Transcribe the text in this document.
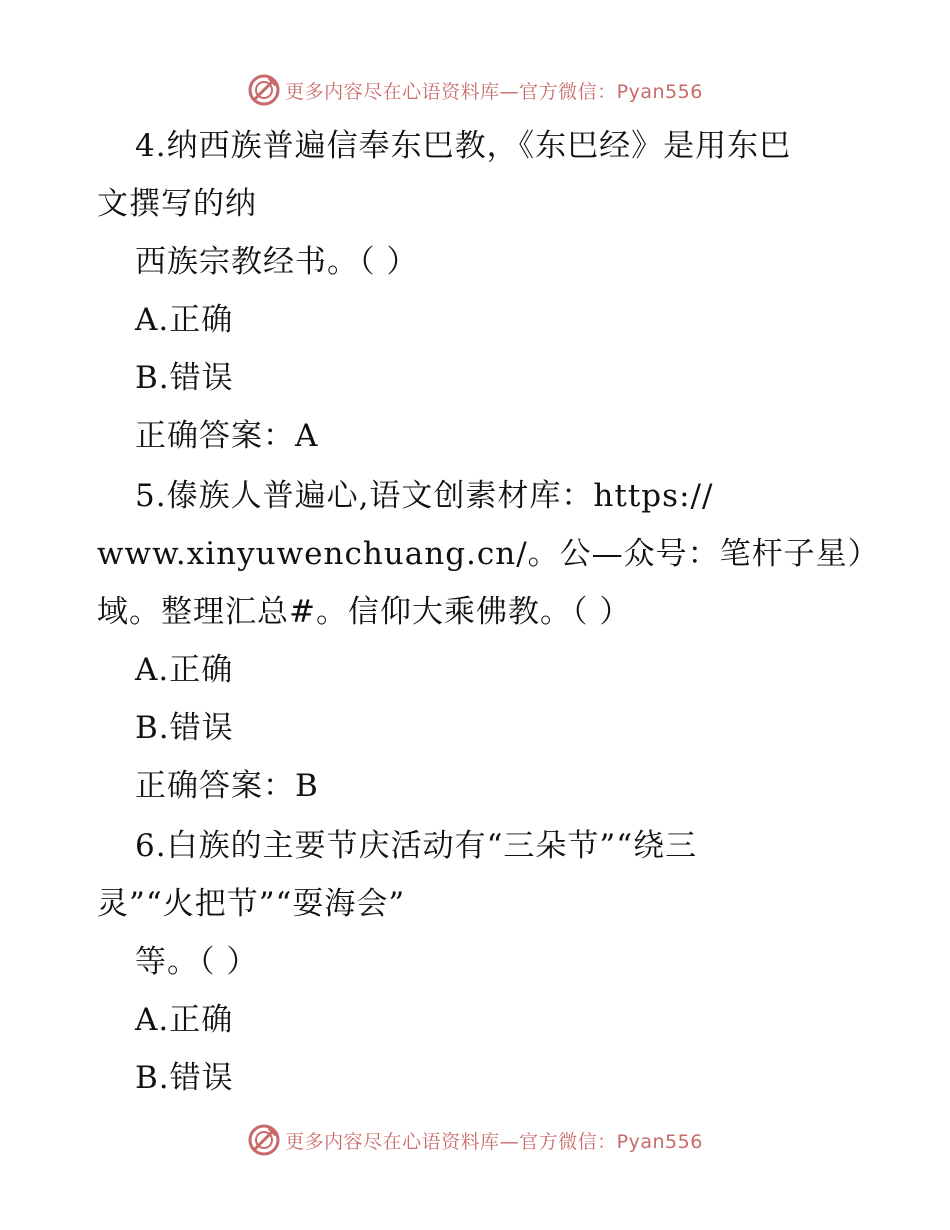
更多内容尽在心语资料库—官方微信：Pyan556
4.纳西族普遍信奉东巴教，《东巴经》是用东巴
文撰写的纳
西族宗教经书。（ ）
A.正确
B.错误
正确答案：A
5.傣族人普遍心,语文创素材库：https://
www.xinyuwenchuang.cn/。公—众号：笔杆子星）
域。整理汇总#。信仰大乘佛教。（ ）
A.正确
B.错误
正确答案：B
6.白族的主要节庆活动有“三朵节”“绕三
灵”“火把节”“耍海会”
等。（ ）
A.正确
B.错误
更多内容尽在心语资料库—官方微信：Pyan556
